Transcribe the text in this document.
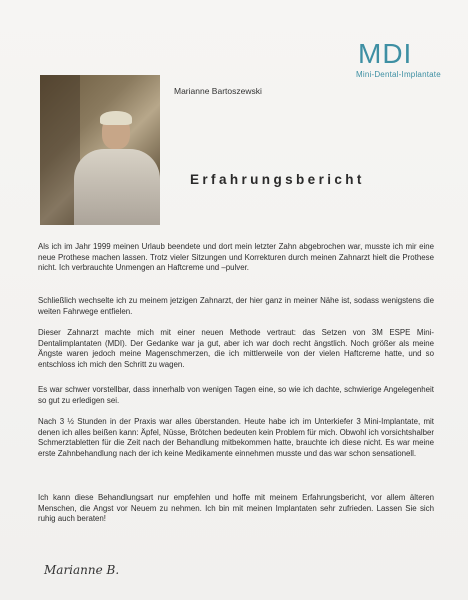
MDI
Mini-Dental-Implantate
Marianne Bartoszewski
Erfahrungsbericht

Als ich im Jahr 1999 meinen Urlaub beendete und dort mein letzter Zahn abgebrochen war, musste ich mir eine neue Prothese machen lassen. Trotz vieler Sitzungen und Korrekturen durch meinen Zahnarzt hielt die Prothese nicht. Ich verbrauchte Unmengen an Haftcreme und –pulver.

Schließlich wechselte ich zu meinem jetzigen Zahnarzt, der hier ganz in meiner Nähe ist, sodass wenigstens die weiten Fahrwege entfielen.

Dieser Zahnarzt machte mich mit einer neuen Methode vertraut: das Setzen von 3M ESPE Mini-Dentalimplantaten (MDI). Der Gedanke war ja gut, aber ich war doch recht ängstlich. Noch größer als meine Ängste waren jedoch meine Magenschmerzen, die ich mittlerweile von der vielen Haftcreme hatte, und so entschloss ich mich den Schritt zu wagen.

Es war schwer vorstellbar, dass innerhalb von wenigen Tagen eine, so wie ich dachte, schwierige Angelegenheit so gut zu erledigen sei.

Nach 3 ½ Stunden in der Praxis war alles überstanden. Heute habe ich im Unterkiefer 3 Mini-Implantate, mit denen ich alles beißen kann: Äpfel, Nüsse, Brötchen bedeuten kein Problem für mich. Obwohl ich vorsichtshalber Schmerztabletten für die Zeit nach der Behandlung mitbekommen hatte, brauchte ich diese nicht. Es war meine erste Zahnbehandlung nach der ich keine Medikamente einnehmen musste und das war schon sensationell.

Ich kann diese Behandlungsart nur empfehlen und hoffe mit meinem Erfahrungsbericht, vor allem älteren Menschen, die Angst vor Neuem zu nehmen. Ich bin mit meinen Implantaten sehr zufrieden. Lassen Sie sich ruhig auch beraten!

Marianne B.
